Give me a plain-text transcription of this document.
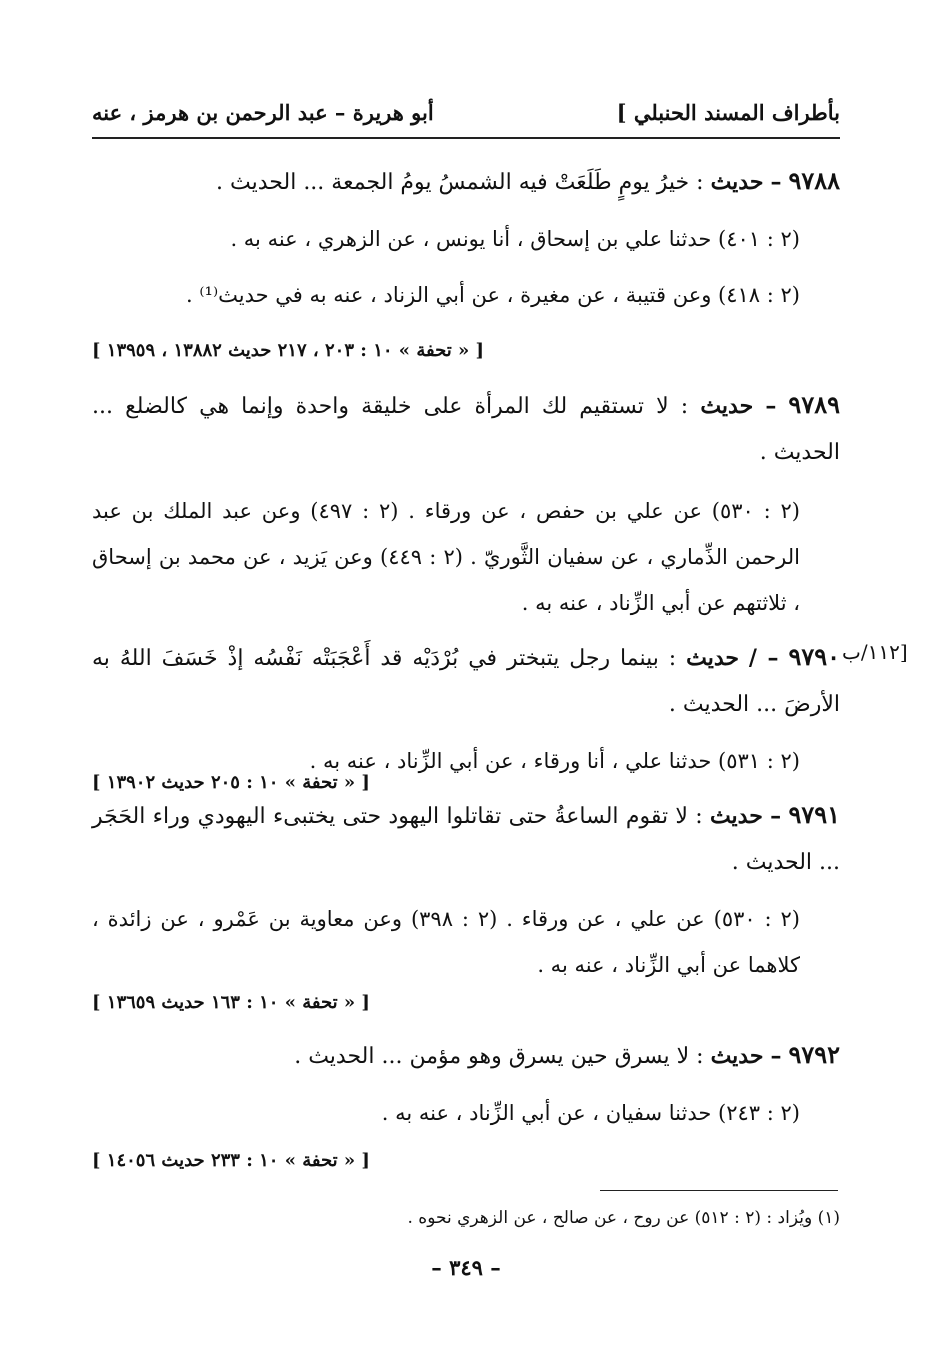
بأطراف المسند الحنبلي ]
أبو هريرة – عبد الرحمن بن هرمز ، عنه
٩٧٨٨ – حديث : خيرُ يومٍ طَلَعَتْ فيه الشمسُ يومُ الجمعة ... الحديث .
(٢ : ٤٠١) حدثنا علي بن إسحاق ، أنا يونس ، عن الزهري ، عنه به .
(٢ : ٤١٨) وعن قتيبة ، عن مغيرة ، عن أبي الزناد ، عنه به في حديث⁽¹⁾ .
[ « تحفة » ١٠ : ٢٠٣ ، ٢١٧ حديث ١٣٨٨٢ ، ١٣٩٥٩ ]
٩٧٨٩ – حديث : لا تستقيم لك المرأة على خليقة واحدة وإنما هي كالضلع ... الحديث .
(٢ : ٥٣٠) عن علي بن حفص ، عن ورقاء . (٢ : ٤٩٧) وعن عبد الملك بن عبد الرحمن الذِّماري ، عن سفيان الثَّوريّ . (٢ : ٤٤٩) وعن يَزيد ، عن محمد بن إسحاق ، ثلاثتهم عن أبي الزِّناد ، عنه به .
[١١٢/ب
٩٧٩٠ – / حديث : بينما رجل يتبختر في بُرْدَيْه قد أَعْجَبَتْه نَفْسُه إذْ خَسَفَ اللهُ به الأرضَ ... الحديث .
(٢ : ٥٣١) حدثنا علي ، أنا ورقاء ، عن أبي الزِّناد ، عنه به .
[ « تحفة » ١٠ : ٢٠٥ حديث ١٣٩٠٢ ]
٩٧٩١ – حديث : لا تقوم الساعةُ حتى تقاتلوا اليهود حتى يختبىء اليهودي وراء الحَجَر ... الحديث .
(٢ : ٥٣٠) عن علي ، عن ورقاء . (٢ : ٣٩٨) وعن معاوية بن عَمْرو ، عن زائدة ، كلاهما عن أبي الزِّناد ، عنه به .
[ « تحفة » ١٠ : ١٦٣ حديث ١٣٦٥٩ ]
٩٧٩٢ – حديث : لا يسرق حين يسرق وهو مؤمن ... الحديث .
(٢ : ٢٤٣) حدثنا سفيان ، عن أبي الزِّناد ، عنه به .
[ « تحفة » ١٠ : ٢٣٣ حديث ١٤٠٥٦ ]
(١) ويُزاد : (٢ : ٥١٢) عن روح ، عن صالح ، عن الزهري نحوه .
– ٣٤٩ –
